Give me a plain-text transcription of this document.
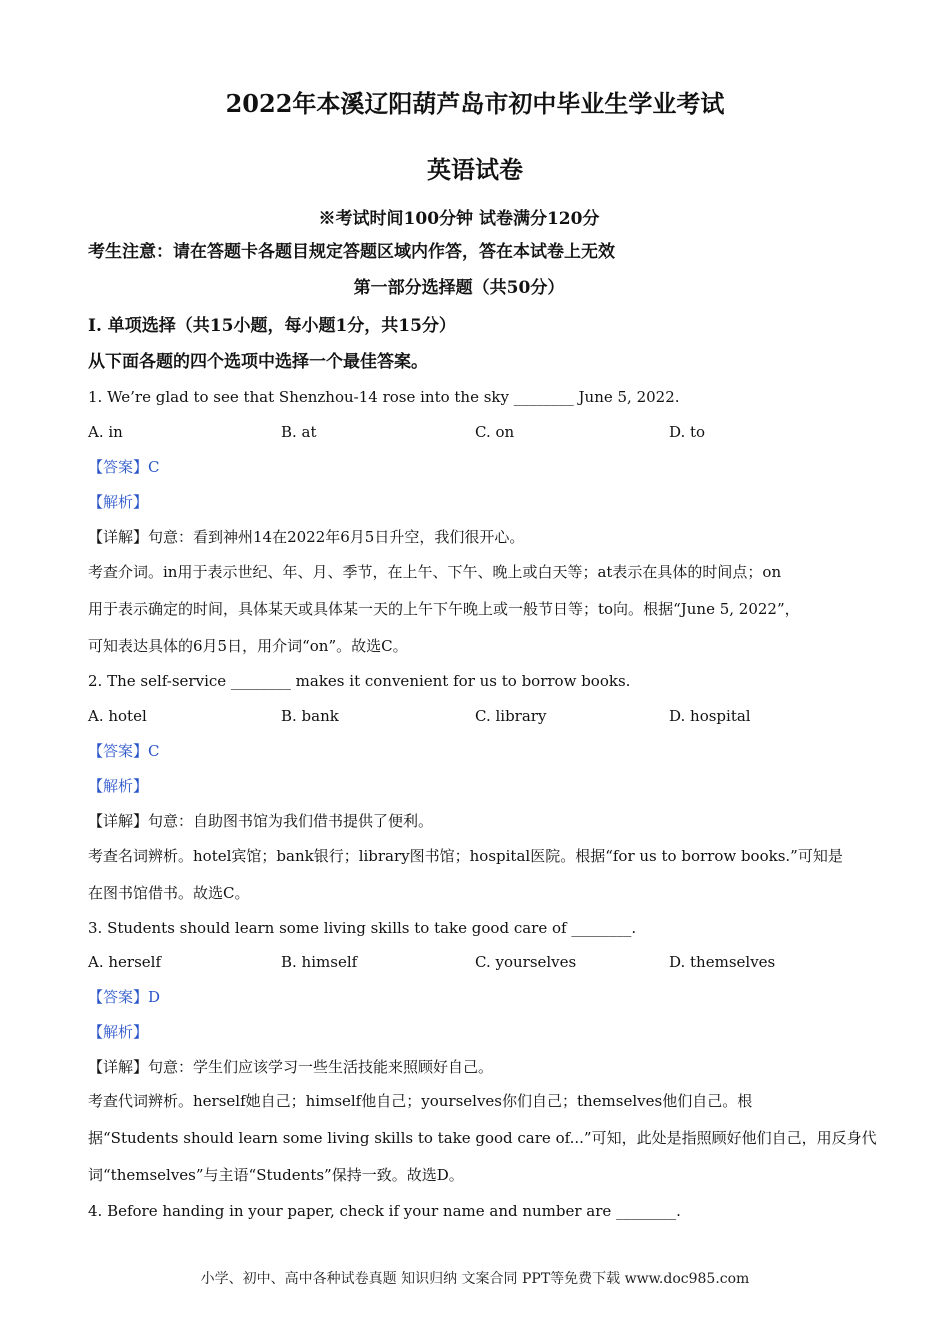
2022年本溪辽阳葫芦岛市初中毕业生学业考试
英语试卷
※考试时间100分钟 试卷满分120分
考生注意：请在答题卡各题目规定答题区域内作答，答在本试卷上无效
第一部分选择题（共50分）
I. 单项选择（共15小题，每小题1分，共15分）
从下面各题的四个选项中选择一个最佳答案。
1. We’re glad to see that Shenzhou-14 rose into the sky ________ June 5, 2022.
A. in	B. at	C. on	D. to
【答案】C
【解析】
【详解】句意：看到神州14在2022年6月5日升空，我们很开心。
考查介词。in用于表示世纪、年、月、季节，在上午、下午、晚上或白天等；at表示在具体的时间点；on
用于表示确定的时间，具体某天或具体某一天的上午下午晚上或一般节日等；to向。根据“June 5, 2022”，
可知表达具体的6月5日，用介词“on”。故选C。
2. The self-service ________ makes it convenient for us to borrow books.
A. hotel	B. bank	C. library	D. hospital
【答案】C
【解析】
【详解】句意：自助图书馆为我们借书提供了便利。
考查名词辨析。hotel宾馆；bank银行；library图书馆；hospital医院。根据“for us to borrow books.”可知是
在图书馆借书。故选C。
3. Students should learn some living skills to take good care of ________.
A. herself	B. himself	C. yourselves	D. themselves
【答案】D
【解析】
【详解】句意：学生们应该学习一些生活技能来照顾好自己。
考查代词辨析。herself她自己；himself他自己；yourselves你们自己；themselves他们自己。根
据“Students should learn some living skills to take good care of...”可知，此处是指照顾好他们自己，用反身代
词“themselves”与主语“Students”保持一致。故选D。
4. Before handing in your paper, check if your name and number are ________.
小学、初中、高中各种试卷真题 知识归纳 文案合同 PPT等免费下载 www.doc985.com
